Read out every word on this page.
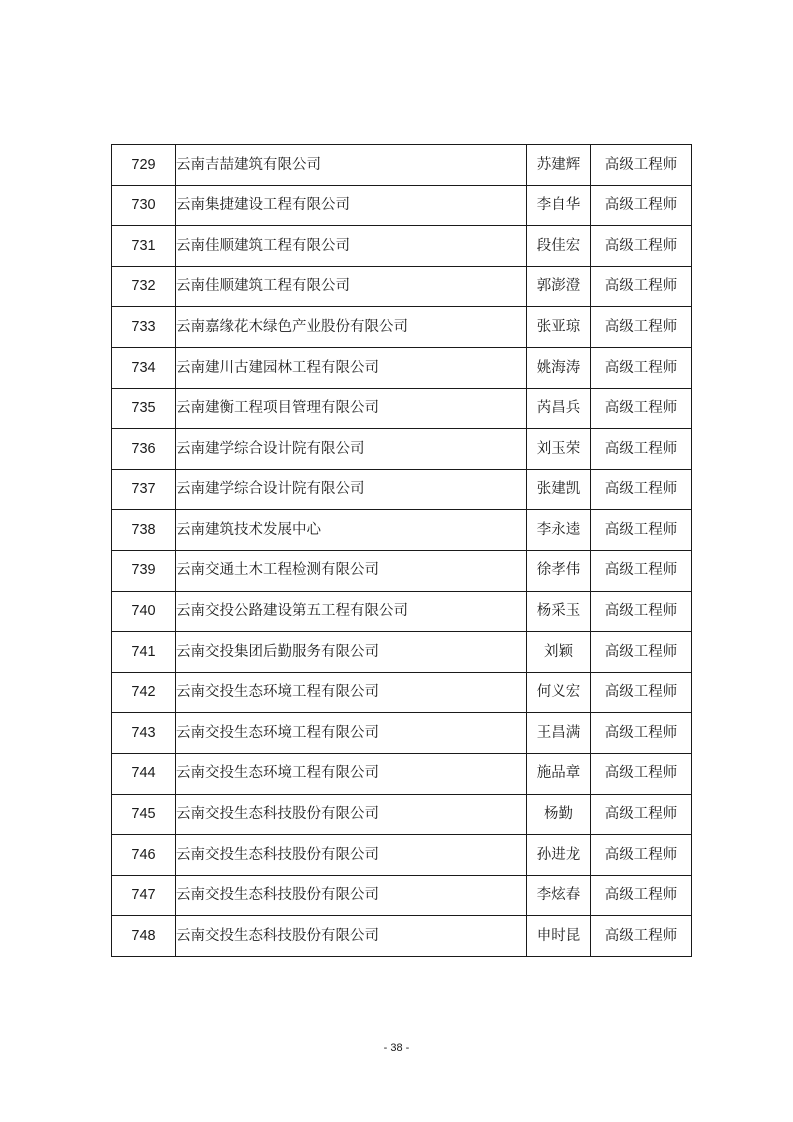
729	云南吉喆建筑有限公司	苏建辉	高级工程师
730	云南集捷建设工程有限公司	李自华	高级工程师
731	云南佳顺建筑工程有限公司	段佳宏	高级工程师
732	云南佳顺建筑工程有限公司	郭澎澄	高级工程师
733	云南嘉缘花木绿色产业股份有限公司	张亚琼	高级工程师
734	云南建川古建园林工程有限公司	姚海涛	高级工程师
735	云南建衡工程项目管理有限公司	芮昌兵	高级工程师
736	云南建学综合设计院有限公司	刘玉荣	高级工程师
737	云南建学综合设计院有限公司	张建凯	高级工程师
738	云南建筑技术发展中心	李永逵	高级工程师
739	云南交通土木工程检测有限公司	徐孝伟	高级工程师
740	云南交投公路建设第五工程有限公司	杨采玉	高级工程师
741	云南交投集团后勤服务有限公司	刘颖	高级工程师
742	云南交投生态环境工程有限公司	何义宏	高级工程师
743	云南交投生态环境工程有限公司	王昌满	高级工程师
744	云南交投生态环境工程有限公司	施品章	高级工程师
745	云南交投生态科技股份有限公司	杨勤	高级工程师
746	云南交投生态科技股份有限公司	孙进龙	高级工程师
747	云南交投生态科技股份有限公司	李炫春	高级工程师
748	云南交投生态科技股份有限公司	申时昆	高级工程师
- 38 -
